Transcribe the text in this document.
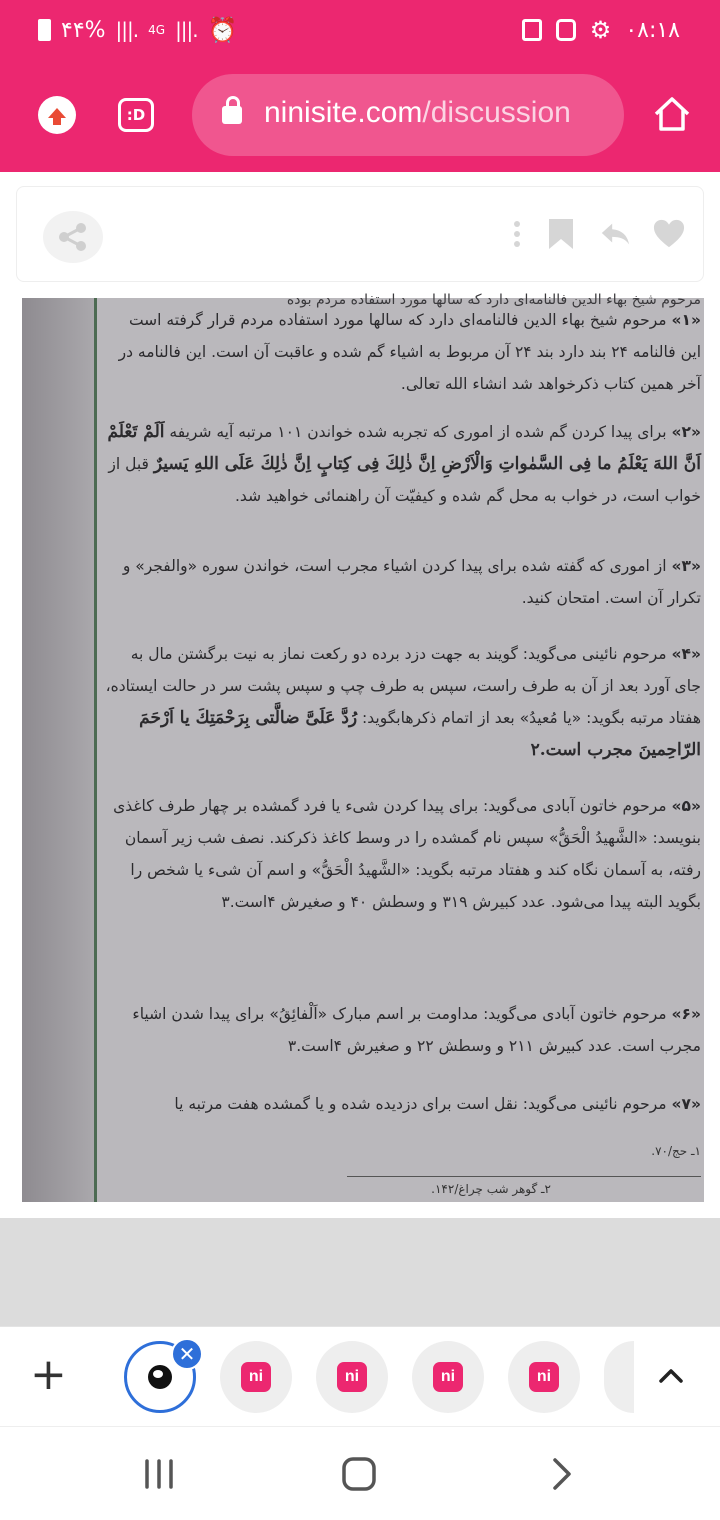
۴۴% |||. 4G |||. ⏰	⚙ ۰۸:۱۸
:D	ninisite.com/discussion
مرحوم شیخ بهاء الدین فالنامه‌ای دارد که سالها مورد استفاده مردم بوده
«۱» مرحوم شیخ بهاء الدین فالنامه‌ای دارد که سالها مورد استفاده مردم قرار گرفته است این فالنامه ۲۴ بند دارد بند ۲۴ آن مربوط به اشیاء گم شده و عاقبت آن است. این فالنامه در آخر همین کتاب ذکرخواهد شد انشاء الله تعالی.
«۲» برای پیدا کردن گم شده از اموری که تجربه شده خواندن ۱۰۱ مرتبه آیه شریفه اَلَمْ تَعْلَمْ اَنَّ اللهَ یَعْلَمُ ما فِی السَّمٰواتِ وَالْاَرْضِ اِنَّ ذٰلِكَ فِی كِتابٍ اِنَّ ذٰلِكَ عَلَی اللهِ یَسیرٌ قبل از خواب است، در خواب به محل گم شده و کیفیّت آن راهنمائی خواهید شد.
«۳» از اموری که گفته شده برای پیدا کردن اشیاء مجرب است، خواندن سوره «والفجر» و تکرار آن است. امتحان کنید.
«۴» مرحوم نائینی می‌گوید: گویند به جهت دزد برده دو رکعت نماز به نیت برگشتن مال به جای آورد بعد از آن به طرف راست، سپس به طرف چپ و سپس پشت سر در حالت ایستاده، هفتاد مرتبه بگوید: «یا مُعیدُ» بعد از اتمام ذکرهابگوید: رُدَّ عَلَیَّ ضالَّتی بِرَحْمَتِكَ یا اَرْحَمَ الرّاحِمینَ مجرب است.۲
«۵» مرحوم خاتون آبادی می‌گوید: برای پیدا کردن شیء یا فرد گمشده بر چهار طرف کاغذی بنویسد: «الشَّهیدُ الْحَقُّ» سپس نام گمشده را در وسط کاغذ ذکرکند. نصف شب زیر آسمان رفته، به آسمان نگاه کند و هفتاد مرتبه بگوید: «الشَّهیدُ الْحَقُّ» و اسم آن شیء یا شخص را بگوید البته پیدا می‌شود. عدد کبیرش ۳۱۹ و وسطش ۴۰ و صغیرش ۴است.۳
«۶» مرحوم خاتون آبادی می‌گوید: مداومت بر اسم مبارک «اَلْفائِقُ» برای پیدا شدن اشیاء مجرب است. عدد کبیرش ۲۱۱ و وسطش ۲۲ و صغیرش ۴است.۳
«۷» مرحوم نائینی می‌گوید: نقل است برای دزدیده شده و یا گمشده هفت مرتبه یا
۱ـ حج/۷۰.
۲ـ گوهر شب چراغ/۱۴۲.
+	✕
ni	ni	ni	ni
